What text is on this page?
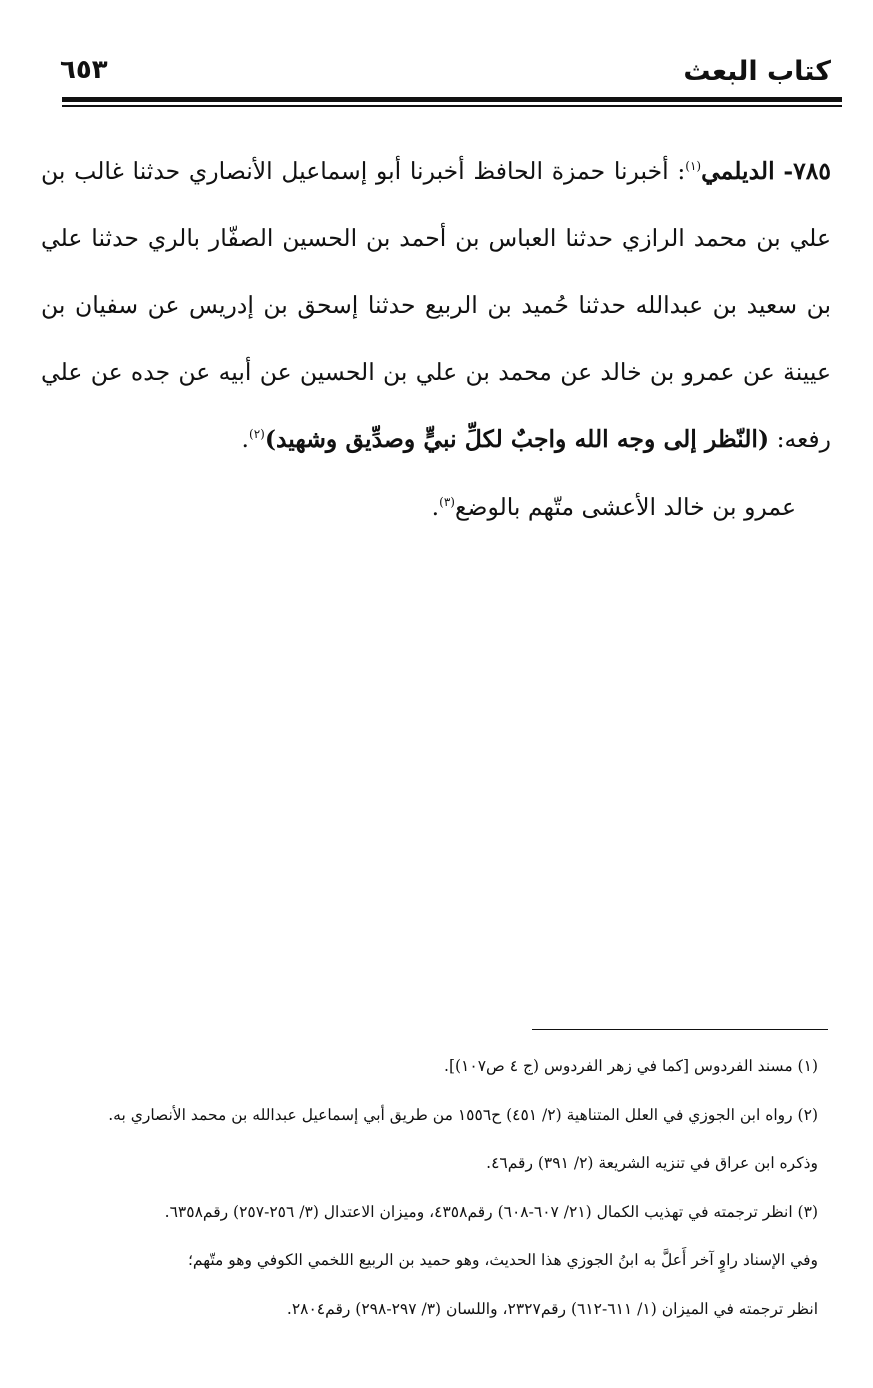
كتاب البعث
٦٥٣

٧٨٥- الديلمي$^{(١)}$: أخبرنا حمزة الحافظ أخبرنا أبو إسماعيل الأنصاري حدثنا غالب بن علي بن محمد الرازي حدثنا العباس بن أحمد بن الحسين الصفّار بالري حدثنا علي بن سعيد بن عبدالله حدثنا حُميد بن الربيع حدثنا إسحق بن إدريس عن سفيان بن عيينة عن عمرو بن خالد عن محمد بن علي بن الحسين عن أبيه عن جده عن علي رفعه: (النّظر إلى وجه الله واجبٌ لكلِّ نبيٍّ وصدِّيق وشهيد)$^{(٢)}$.

عمرو بن خالد الأعشى متّهم بالوضع$^{(٣)}$.

(١) مسند الفردوس [كما في زهر الفردوس (ج ٤ ص١٠٧)].

(٢) رواه ابن الجوزي في العلل المتناهية (٢/ ٤٥١) ح١٥٥٦ من طريق أبي إسماعيل عبدالله بن محمد الأنصاري به.

وذكره ابن عراق في تنزيه الشريعة (٢/ ٣٩١) رقم٤٦.

(٣) انظر ترجمته في تهذيب الكمال (٢١/ ٦٠٧-٦٠٨) رقم٤٣٥٨، وميزان الاعتدال (٣/ ٢٥٦-٢٥٧) رقم٦٣٥٨.

وفي الإسناد راوٍ آخر أَعلَّ به ابنُ الجوزي هذا الحديث، وهو حميد بن الربيع اللخمي الكوفي وهو متّهم؛

انظر ترجمته في الميزان (١/ ٦١١-٦١٢) رقم٢٣٢٧، واللسان (٣/ ٢٩٧-٢٩٨) رقم٢٨٠٤.
